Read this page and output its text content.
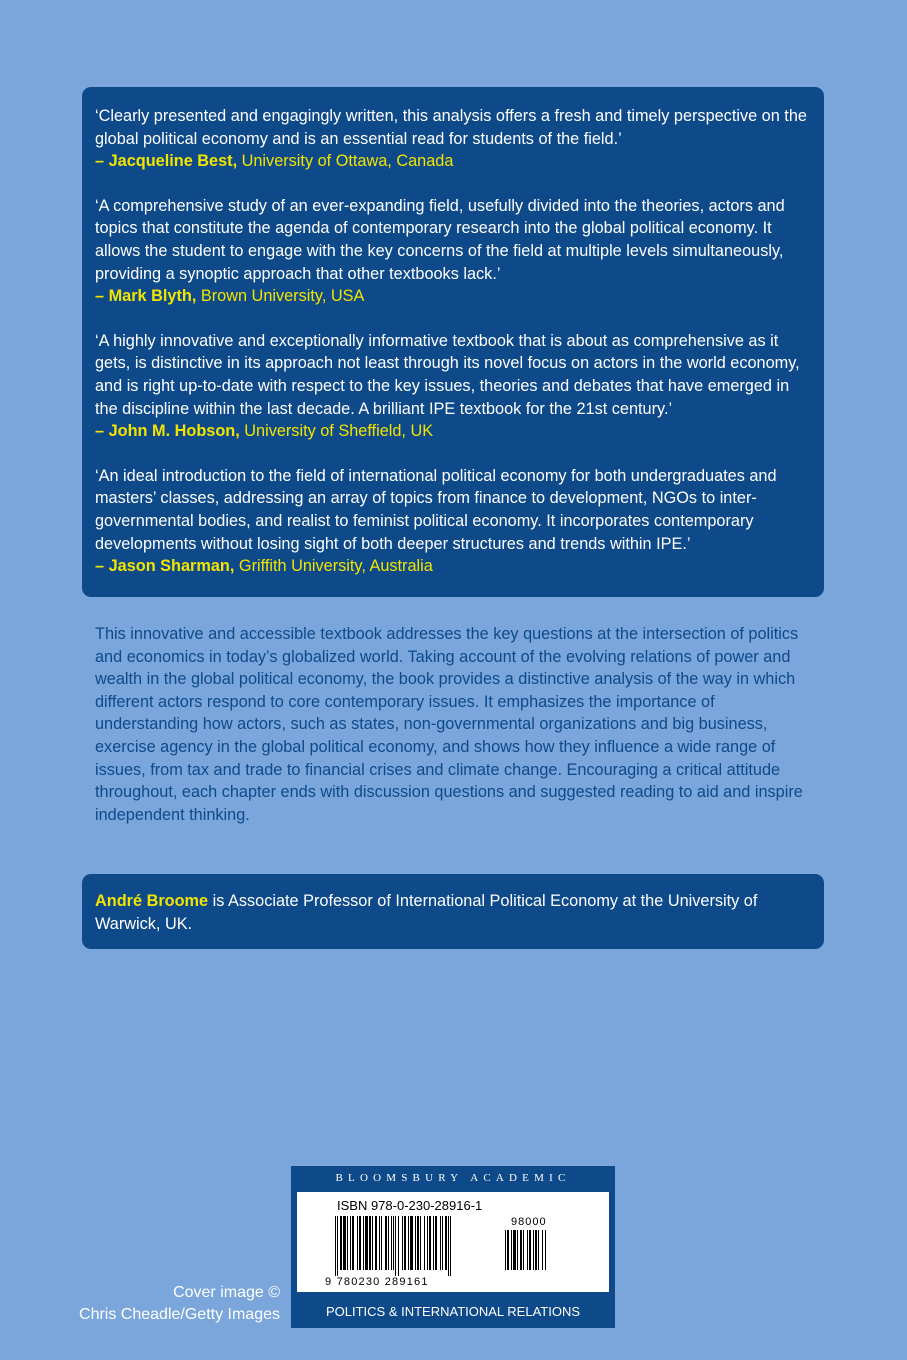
‘Clearly presented and engagingly written, this analysis offers a fresh and timely perspective on the global political economy and is an essential read for students of the field.’

– Jacqueline Best, University of Ottawa, Canada

‘A comprehensive study of an ever-expanding field, usefully divided into the theories, actors and topics that constitute the agenda of contemporary research into the global political economy. It allows the student to engage with the key concerns of the field at multiple levels simultaneously, providing a synoptic approach that other textbooks lack.’

– Mark Blyth, Brown University, USA

‘A highly innovative and exceptionally informative textbook that is about as comprehensive as it gets, is distinctive in its approach not least through its novel focus on actors in the world economy, and is right up-to-date with respect to the key issues, theories and debates that have emerged in the discipline within the last decade. A brilliant IPE textbook for the 21st century.’

– John M. Hobson, University of Sheffield, UK

‘An ideal introduction to the field of international political economy for both undergraduates and masters’ classes, addressing an array of topics from finance to development, NGOs to inter-governmental bodies, and realist to feminist political economy. It incorporates contemporary developments without losing sight of both deeper structures and trends within IPE.’

– Jason Sharman, Griffith University, Australia

This innovative and accessible textbook addresses the key questions at the intersection of politics and economics in today’s globalized world. Taking account of the evolving relations of power and wealth in the global political economy, the book provides a distinctive analysis of the way in which different actors respond to core contemporary issues. It emphasizes the importance of understanding how actors, such as states, non-governmental organizations and big business, exercise agency in the global political economy, and shows how they influence a wide range of issues, from tax and trade to financial crises and climate change. Encouraging a critical attitude throughout, each chapter ends with discussion questions and suggested reading to aid and inspire independent thinking.

André Broome is Associate Professor of International Political Economy at the University of Warwick, UK.

Cover image ©
Chris Cheadle/Getty Images
BLOOMSBURY ACADEMIC
ISBN 978-0-230-28916-1
98000
9 780230 289161
POLITICS & INTERNATIONAL RELATIONS
